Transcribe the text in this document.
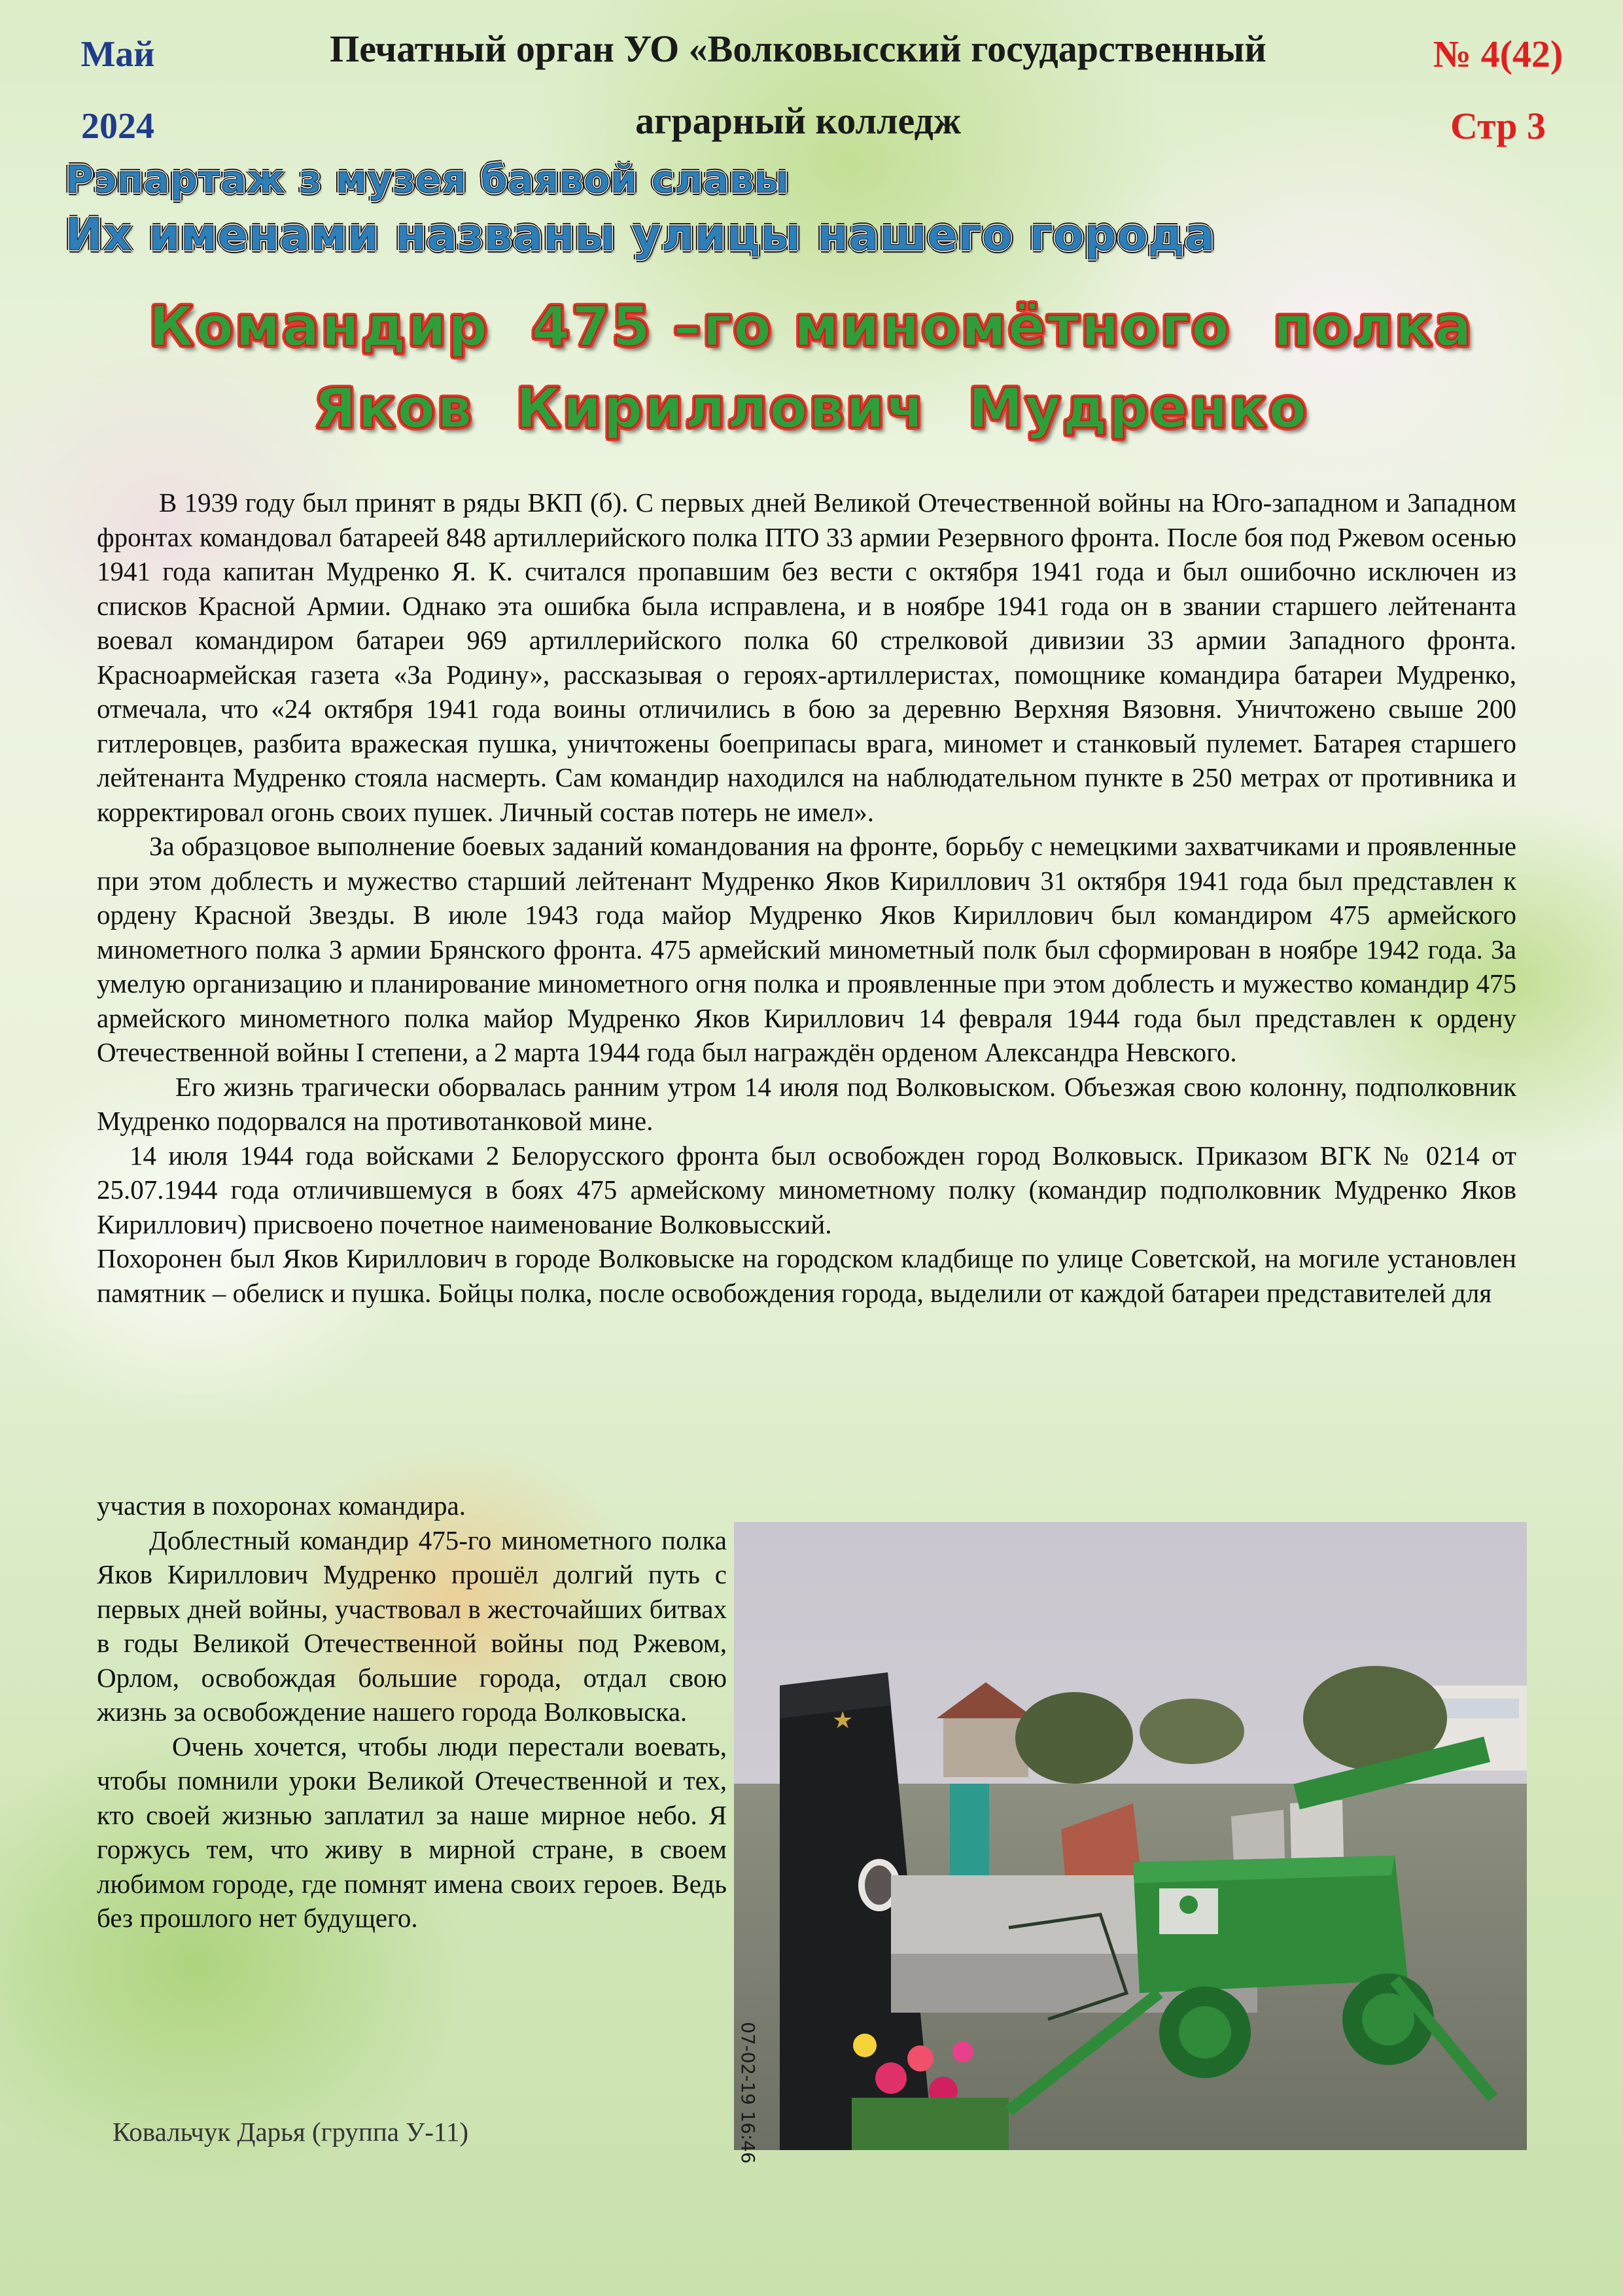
Май
2024
Печатный орган УО «Волковысский государственный
аграрный колледж
№ 4(42)
Стр 3
Рэпартаж з музея баявой славы
Их именами названы улицы нашего города
Командир  475 –го миномётного  полка
Яков  Кириллович  Мудренко

В 1939 году был принят в ряды ВКП (б). С первых дней Великой Отечественной войны на Юго-западном и Западном фронтах командовал батареей 848 артиллерийского полка ПТО 33 армии Резервного фронта. После боя под Ржевом осенью 1941 года капитан Мудренко Я. К. считался пропавшим без вести с октября 1941 года и был ошибочно исключен из списков Красной Армии. Однако эта ошибка была исправлена, и в ноябре 1941 года он в звании старшего лейтенанта воевал командиром батареи 969 артиллерийского полка 60 стрелковой дивизии 33 армии Западного фронта. Красноармейская газета «За Родину», рассказывая о героях-артиллеристах, помощнике командира батареи Мудренко, отмечала, что «24 октября 1941 года воины отличились в бою за деревню Верхняя Вязовня. Уничтожено свыше 200 гитлеровцев, разбита вражеская пушка, уничтожены боеприпасы врага, миномет и станковый пулемет. Батарея старшего лейтенанта Мудренко стояла насмерть. Сам командир находился на наблюдательном пункте в 250 метрах от противника и корректировал огонь своих пушек. Личный состав потерь не имел».

За образцовое выполнение боевых заданий командования на фронте, борьбу с немецкими захватчиками и проявленные при этом доблесть и мужество старший лейтенант Мудренко Яков Кириллович 31 октября 1941 года был представлен к ордену Красной Звезды. В июле 1943 года майор Мудренко Яков Кириллович был командиром 475 армейского минометного полка 3 армии Брянского фронта. 475 армейский минометный полк был сформирован в ноябре 1942 года. За умелую организацию и планирование минометного огня полка и проявленные при этом доблесть и мужество командир 475 армейского минометного полка майор Мудренко Яков Кириллович 14 февраля 1944 года был представлен к ордену Отечественной войны I степени, а 2 марта 1944 года был награждён орденом Александра Невского.

Его жизнь трагически оборвалась ранним утром 14 июля под Волковыском. Объезжая свою колонну, подполковник Мудренко подорвался на противотанковой мине.

14 июля 1944 года войсками 2 Белорусского фронта был освобожден город Волковыск. Приказом ВГК № 0214 от 25.07.1944 года отличившемуся в боях 475 армейскому минометному полку (командир подполковник Мудренко Яков Кириллович) присвоено почетное наименование Волковысский.

Похоронен был Яков Кириллович в городе Волковыске на городском кладбище по улице Советской, на могиле установлен памятник – обелиск и пушка. Бойцы полка, после освобождения города, выделили от каждой батареи представителей для

участия в похоронах командира.

Доблестный командир 475-го минометного полка Яков Кириллович Мудренко прошёл долгий путь с первых дней войны, участвовал в жесточайших битвах в годы Великой Отечественной войны под Ржевом, Орлом, освобождая большие города, отдал свою жизнь за освобождение нашего города Волковыска.

Очень хочется, чтобы люди перестали воевать, чтобы помнили уроки Великой Отечественной и тех, кто своей жизнью заплатил за наше мирное небо. Я горжусь тем, что живу в мирной стране, в своем любимом городе, где помнят имена своих героев. Ведь без прошлого нет будущего.

Ковальчук Дарья (группа У-11)
★
07-02-19 16:46
